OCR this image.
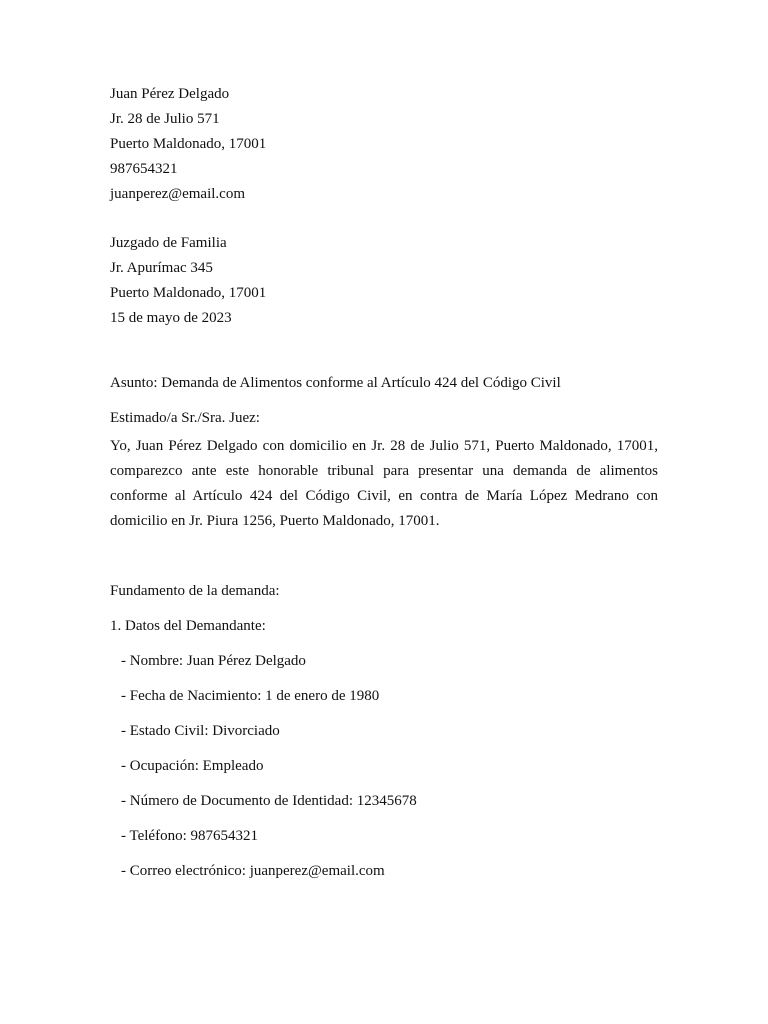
Juan Pérez Delgado
Jr. 28 de Julio 571
Puerto Maldonado, 17001
987654321
juanperez@email.com
Juzgado de Familia
Jr. Apurímac 345
Puerto Maldonado, 17001
15 de mayo de 2023
Asunto: Demanda de Alimentos conforme al Artículo 424 del Código Civil
Estimado/a Sr./Sra. Juez:

Yo, Juan Pérez Delgado con domicilio en Jr. 28 de Julio 571, Puerto Maldonado, 17001, comparezco ante este honorable tribunal para presentar una demanda de alimentos conforme al Artículo 424 del Código Civil, en contra de María López Medrano con domicilio en Jr. Piura 1256, Puerto Maldonado, 17001.

Fundamento de la demanda:
1. Datos del Demandante:
- Nombre: Juan Pérez Delgado
- Fecha de Nacimiento: 1 de enero de 1980
- Estado Civil: Divorciado
- Ocupación: Empleado
- Número de Documento de Identidad: 12345678
- Teléfono: 987654321
- Correo electrónico: juanperez@email.com
